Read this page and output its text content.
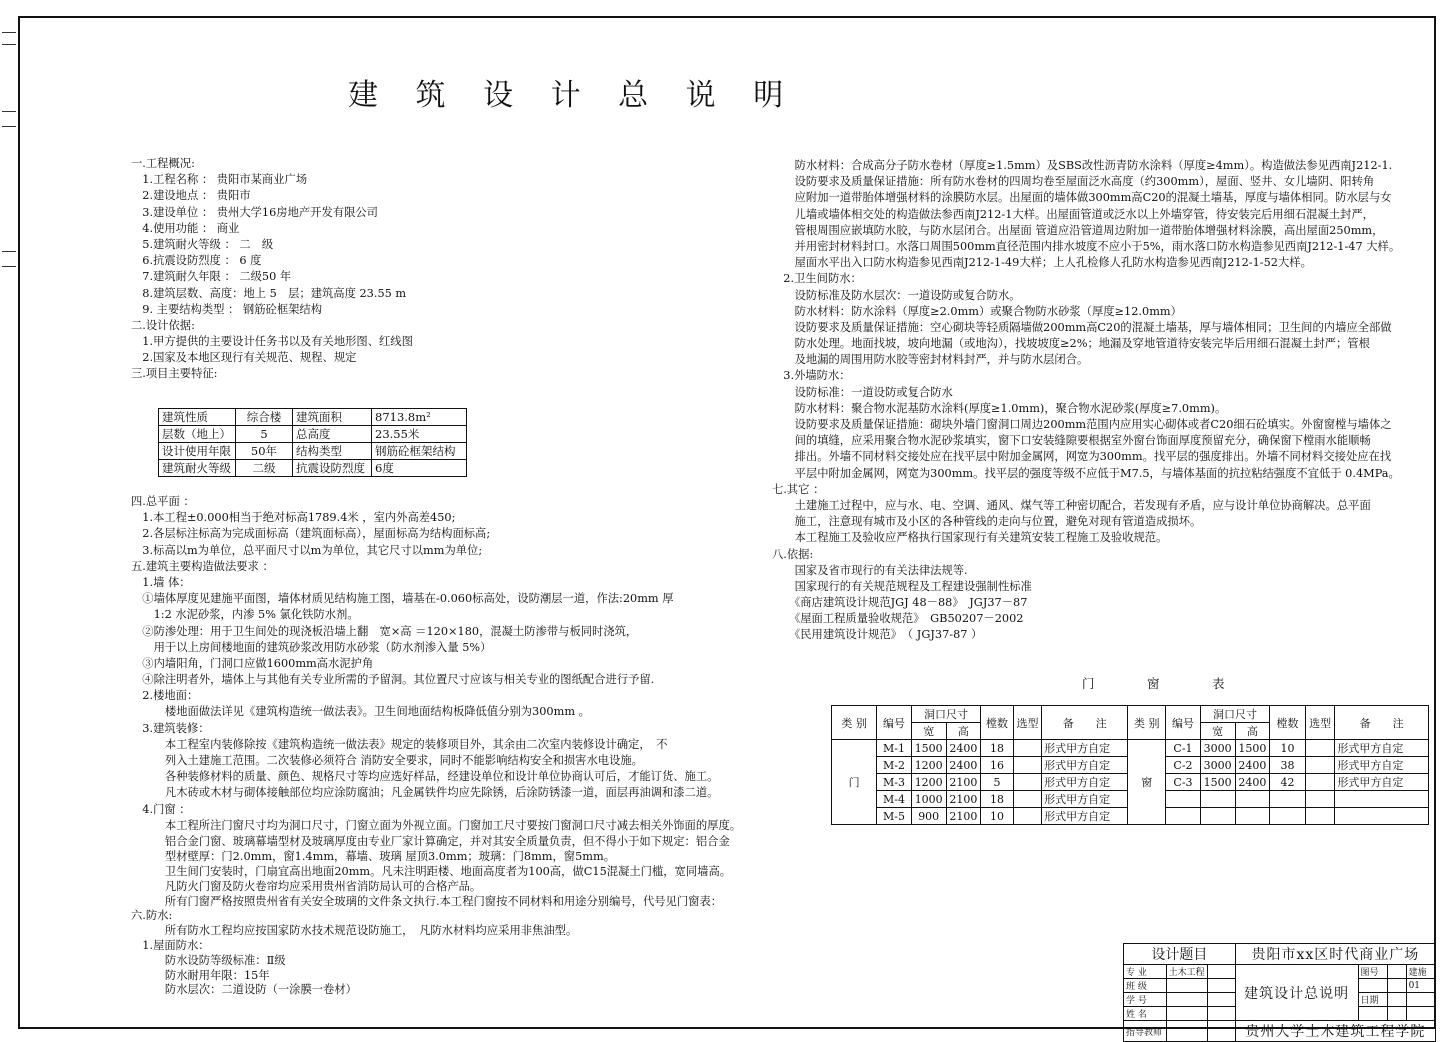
建 筑 设 计 总 说 明
一.工程概况:
　1.工程名称 ： 贵阳市某商业广场
　2.建设地点 ： 贵阳市
　3.建设单位 ： 贵州大学16房地产开发有限公司
　4.使用功能 ： 商业
　5.建筑耐火等级 ： 二　级
　6.抗震设防烈度 ： 6 度
　7.建筑耐久年限 ： 二级50 年
　8.建筑层数、高度：地上 5　层；建筑高度 23.55 m
　9. 主要结构类型 ： 钢筋砼框架结构
二.设计依据:
　1.甲方提供的主要设计任务书以及有关地形图、红线图
　2.国家及本地区现行有关规范、规程、规定
三.项目主要特征:
建筑性质	综合楼	建筑面积	8713.8m²
层数（地上）	5	总高度	23.55米
设计使用年限	50年	结构类型	钢筋砼框架结构
建筑耐火等级	二级	抗震设防烈度	6度
四.总平面 ：
　1.本工程±0.000相当于绝对标高1789.4米 ，室内外高差450;
　2.各层标注标高为完成面标高（建筑面标高），屋面标高为结构面标高;
　3.标高以m为单位，总平面尺寸以m为单位，其它尺寸以mm为单位;
五.建筑主要构造做法要求 ：
　1.墙 体：
　①墙体厚度见建施平面图，墙体材质见结构施工图，墙基在-0.060标高处，设防潮层一道，作法:20mm 厚
　　1:2 水泥砂浆，内渗 5% 氯化铁防水剂。
　②防渗处理：用于卫生间处的现浇板沿墙上翻　宽×高 ＝120×180，混凝土防渗带与板同时浇筑，
　　用于以上房间楼地面的建筑砂浆改用防水砂浆（防水剂渗入量 5%）
　③内墙阳角，门洞口应做1600mm高水泥护角
　④除注明者外，墙体上与其他有关专业所需的予留洞。其位置尺寸应该与相关专业的图纸配合进行予留.
　2.楼地面：
　　　楼地面做法详见《建筑构造统一做法表》。卫生间地面结构板降低值分别为300mm 。
　3.建筑装修：
　　　本工程室内装修除按《建筑构造统一做法表》规定的装修项目外，其余由二次室内装修设计确定，　不
　　　列入土建施工范围。二次装修必须符合 消防安全要求，同时不能影响结构安全和损害水电设施。
　　　各种装修材料的质量、颜色、规格尺寸等均应选好样品，经建设单位和设计单位协商认可后，才能订货、施工。
　　　凡木砖或木材与砌体接触部位均应涂防腐油；凡金属铁件均应先除锈，后涂防锈漆一道，面层再油调和漆二道。
　4.门窗 ：
　　　本工程所注门窗尺寸均为洞口尺寸，门窗立面为外视立面。门窗加工尺寸要按门窗洞口尺寸减去相关外饰面的厚度。
　　　铝合金门窗、玻璃幕墙型材及玻璃厚度由专业厂家计算确定，并对其安全质量负责，但不得小于如下规定：铝合金
　　　型材壁厚：门2.0mm，窗1.4mm，幕墙、玻璃 屋顶3.0mm；玻璃：门8mm，窗5mm。
　　　卫生间门安装时，门扇宜高出地面20mm。凡未注明距楼、地面高度者为100高，做C15混凝土门槛，宽同墙高。
　　　凡防火门窗及防火卷帘均应采用贵州省消防局认可的合格产品。
　　　所有门窗严格按照贵州省有关安全玻璃的文件条文执行.本工程门窗按不同材料和用途分别编号，代号见门窗表：
六.防水:
　　　所有防水工程均应按国家防水技术规范设防施工，　凡防水材料均应采用非焦油型。
　1.屋面防水：
　　　防水设防等级标准：Ⅱ级
　　　防水耐用年限：15年
　　　防水层次：二道设防（一涂膜一卷材）
　　防水材料：合成高分子防水卷材（厚度≥1.5mm）及SBS改性沥青防水涂料（厚度≥4mm）。构造做法参见西南J212-1.
　　设防要求及质量保证措施：所有防水卷材的四周均卷至屋面泛水高度（约300mm），屋面、竖井、女儿墙阴、阳转角
　　应附加一道带胎体增强材料的涂膜防水层。出屋面的墙体做300mm高C20的混凝土墙基，厚度与墙体相同。防水层与女
　　儿墙或墙体相交处的构造做法参西南J212-1大样。出屋面管道或泛水以上外墙穿管，待安装完后用细石混凝土封严，
　　管根周围应嵌填防水胶，与防水层闭合。出屋面 管道应沿管道周边附加一道带胎体增强材料涂膜，高出屋面250mm，
　　并用密封材料封口。水落口周围500mm直径范围内排水坡度不应小于5%，雨水落口防水构造参见西南J212-1-47 大样。
　　屋面水平出入口防水构造参见西南J212-1-49大样；上人孔检修人孔防水构造参见西南J212-1-52大样。
　2.卫生间防水：
　　设防标准及防水层次：一道设防或复合防水。
　　防水材料：防水涂料（厚度≥2.0mm）或聚合物防水砂浆（厚度≥12.0mm）
　　设防要求及质量保证措施：空心砌块等轻质隔墙做200mm高C20的混凝土墙基，厚与墙体相同；卫生间的内墙应全部做
　　防水处理。地面找坡，坡向地漏（或地沟），找坡坡度≥2%；地漏及穿地管道待安装完毕后用细石混凝土封严；管根
　　及地漏的周围用防水胶等密封材料封严，并与防水层闭合。
　3.外墙防水：
　　设防标准：一道设防或复合防水
　　防水材料：聚合物水泥基防水涂料(厚度≥1.0mm)，聚合物水泥砂浆(厚度≥7.0mm)。
　　设防要求及质量保证措施：砌块外墙门窗洞口周边200mm范围内应用实心砌体或者C20细石砼填实。外窗窗樘与墙体之
　　间的填缝，应采用聚合物水泥砂浆填实，窗下口安装缝隙要根据室外窗台饰面厚度预留充分，确保窗下樘雨水能顺畅
　　排出。外墙不同材料交接处应在找平层中附加金属网，网宽为300mm。找平层的强度排出。外墙不同材料交接处应在找
　　平层中附加金属网，网宽为300mm。找平层的强度等级不应低于M7.5，与墙体基面的抗拉粘结强度不宜低于 0.4MPa。
七.其它 ：
　　土建施工过程中，应与水、电、空调、通风、煤气等工种密切配合，若发现有矛盾，应与设计单位协商解决。总平面
　　施工，注意现有城市及小区的各种管线的走向与位置，避免对现有管道造成损坏。
　　本工程施工及验收应严格执行国家现行有关建筑安装工程施工及验收规范。
八.依据:
　　国家及省市现行的有关法律法规等.
　　国家现行的有关规范规程及工程建设强制性标准
　　《商店建筑设计规范JGJ 48－88》　JGJ37－87
　　《屋面工程质量验收规范》　GB50207－2002
　　《民用建筑设计规范》　（ JGJ37-87 ）
门　窗　表
类 别	编号	洞口尺寸		樘数	选型	备　　注	类 别	编号	洞口尺寸		樘数	选型	备　　注
		宽	高						宽	高			
门	M-1	1500	2400	18		形式甲方自定	窗	C-1	3000	1500	10		形式甲方自定
	M-2	1200	2400	16		形式甲方自定		C-2	3000	2400	38		形式甲方自定
	M-3	1200	2100	5		形式甲方自定		C-3	1500	2400	42		形式甲方自定
	M-4	1000	2100	18		形式甲方自定							
	M-5	900	2100	10		形式甲方自定							
设计题目			贵阳市xx区时代商业广场			
专 业	土木工程		建筑设计总说明	图号		建施
班 级						01
学 号				日期		
姓 名						
指导教师			贵州大学土木建筑工程学院			
